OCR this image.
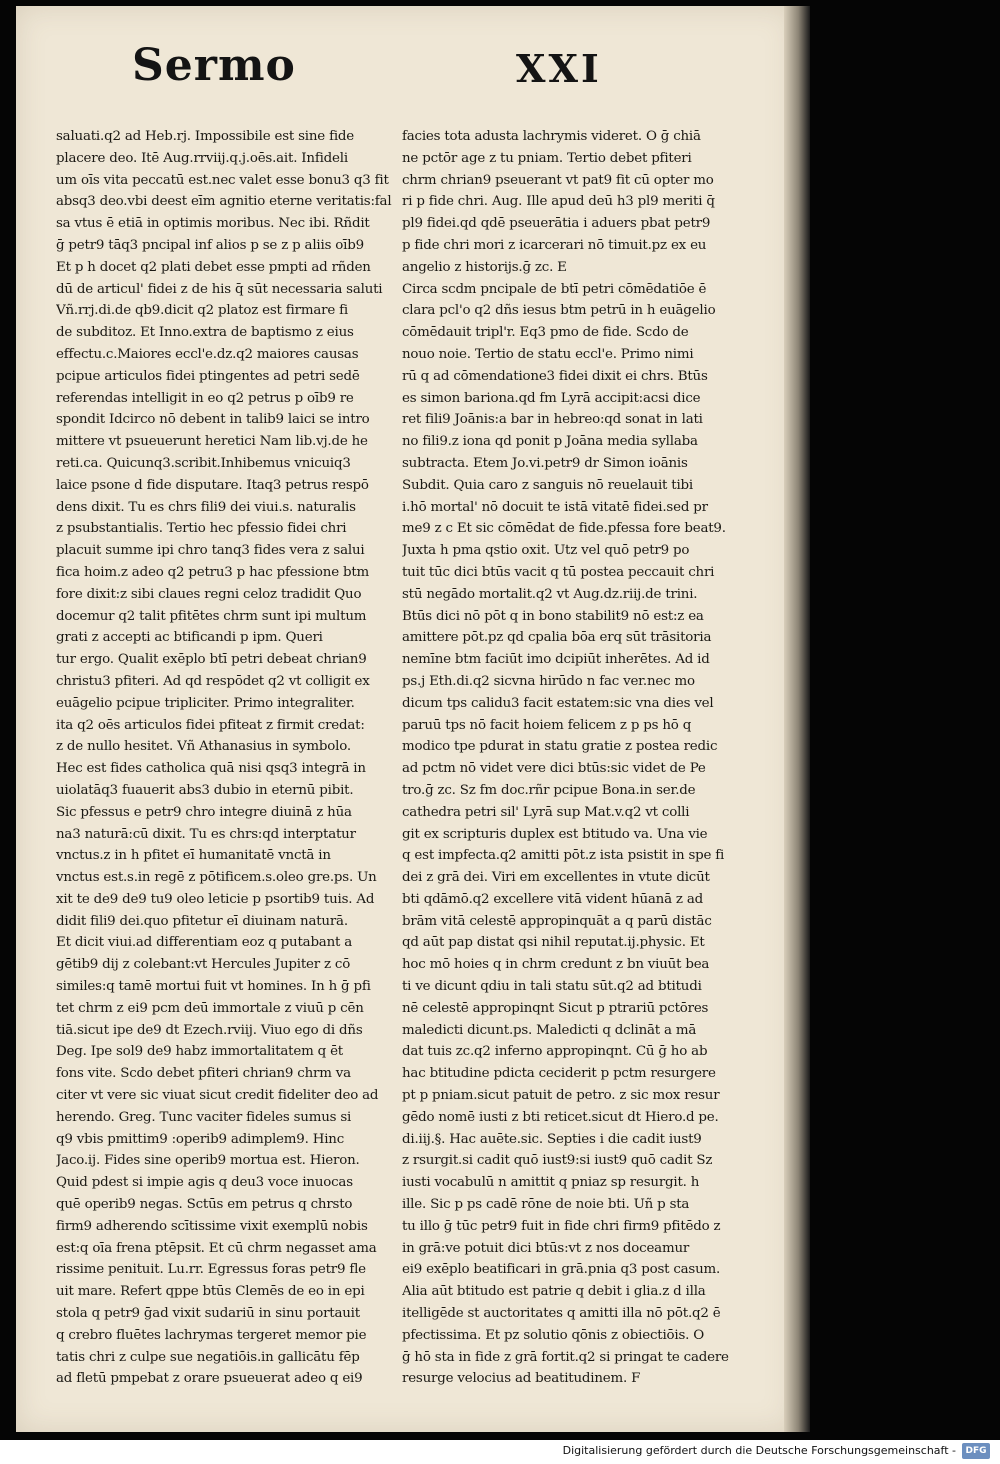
Sermo	XXI
saluati.q2 ad Heb.rj. Impossibile est sine fide
placere deo. Itē Aug.rrviij.q.j.oēs.ait. Infideli
um oīs vita peccatū est.nec valet esse bonu3 q3 fit
absq3 deo.vbi deest eīm agnitio eterne veritatis:fal
sa vtus ē etiā in optimis moribus. Nec ibi. Rñdit
ḡ petr9 tāq3 pncipal inf alios p se z p aliis oīb9
Et p h docet q2 plati debet esse pmpti ad rñden
dū de articul' fidei z de his q̄ sūt necessaria saluti
Vñ.rrj.di.de qb9.dicit q2 platoz est firmare fi
de subditoz. Et Inno.extra de baptismo z eius
effectu.c.Maiores eccl'e.dz.q2 maiores causas
pcipue articulos fidei ptingentes ad petri sedē
referendas intelligit in eo q2 petrus p oīb9 re
spondit Idcirco nō debent in talib9 laici se intro
mittere vt psueuerunt heretici Nam lib.vj.de he
reti.ca. Quicunq3.scribit.Inhibemus vnicuiq3
laice psone d fide disputare. Itaq3 petrus respō
dens dixit. Tu es chrs fili9 dei viui.s. naturalis
z psubstantialis. Tertio hec pfessio fidei chri
placuit summe ipi chro tanq3 fides vera z salui
fica hoim.z adeo q2 petru3 p hac pfessione btm
fore dixit:z sibi claues regni celoz tradidit Quo
docemur q2 talit pfitētes chrm sunt ipi multum
grati z accepti ac btificandi p ipm. Queri
tur ergo. Qualit exēplo btī petri debeat chrian9
christu3 pfiteri. Ad qd respōdet q2 vt colligit ex
euāgelio pcipue tripliciter. Primo integraliter.
ita q2 oēs articulos fidei pfiteat z firmit credat:
z de nullo hesitet. Vñ Athanasius in symbolo.
Hec est fides catholica quā nisi qsq3 integrā in
uiolatāq3 fuauerit abs3 dubio in eternū pibit.
Sic pfessus e petr9 chro integre diuinā z hūa
na3 naturā:cū dixit. Tu es chrs:qd interptatur
vnctus.z in h pfitet eī humanitatē vnctā in
vnctus est.s.in regē z pōtificem.s.oleo gre.ps. Un
xit te de9 de9 tu9 oleo leticie p psortib9 tuis. Ad
didit fili9 dei.quo pfitetur eī diuinam naturā.
Et dicit viui.ad differentiam eoz q putabant a
gētib9 dij z colebant:vt Hercules Jupiter z cō
similes:q tamē mortui fuit vt homines. In h ḡ pfi
tet chrm z ei9 pcm deū immortale z viuū p cēn
tiā.sicut ipe de9 dt Ezech.rviij. Viuo ego di dñs
Deg. Ipe sol9 de9 habz immortalitatem q ēt
fons vite. Scdo debet pfiteri chrian9 chrm va
citer vt vere sic viuat sicut credit fideliter deo ad
herendo. Greg. Tunc vaciter fideles sumus si
q9 vbis pmittim9 :operib9 adimplem9. Hinc
Jaco.ij. Fides sine operib9 mortua est. Hieron.
Quid pdest si impie agis q deu3 voce inuocas
quē operib9 negas. Sctūs em petrus q chrsto
firm9 adherendo scītissime vixit exemplū nobis
est:q oīa frena ptēpsit. Et cū chrm negasset ama
rissime penituit. Lu.rr. Egressus foras petr9 fle
uit mare. Refert qppe btūs Clemēs de eo in epi
stola q petr9 ḡad vixit sudariū in sinu portauit
q crebro fluētes lachrymas tergeret memor pie
tatis chri z culpe sue negatiōis.in gallicātu fēp
ad fletū pmpebat z orare psueuerat adeo q ei9
facies tota adusta lachrymis videret. O ḡ chiā
ne pctōr age z tu pniam. Tertio debet pfiteri
chrm chrian9 pseuerant vt pat9 fit cū opter mo
ri p fide chri. Aug. Ille apud deū h3 pl9 meriti q̄
pl9 fidei.qd qdē pseuerātia i aduers pbat petr9
p fide chri mori z icarcerari nō timuit.pz ex eu
angelio z historijs.ḡ zc. E
Circa scdm pncipale de btī petri cōmēdatiōe ē
clara pcl'o q2 dñs iesus btm petrū in h euāgelio
cōmēdauit tripl'r. Eq3 pmo de fide. Scdo de
nouo noie. Tertio de statu eccl'e. Primo nimi
rū q ad cōmendatione3 fidei dixit ei chrs. Btūs
es simon bariona.qd fm Lyrā accipit:acsi dice
ret fili9 Joānis:a bar in hebreo:qd sonat in lati
no fili9.z iona qd ponit p Joāna media syllaba
subtracta. Etem Jo.vi.petr9 dr Simon ioānis
Subdit. Quia caro z sanguis nō reuelauit tibi
i.hō mortal' nō docuit te istā vitatē fidei.sed pr
me9 z c Et sic cōmēdat de fide.pfessa fore beat9.
Juxta h pma qstio oxit. Utz vel quō petr9 po
tuit tūc dici btūs vacit q tū postea peccauit chri
stū negādo mortalit.q2 vt Aug.dz.riij.de trini.
Btūs dici nō pōt q in bono stabilit9 nō est:z ea
amittere pōt.pz qd cpalia bōa erq sūt trāsitoria
nemīne btm faciūt imo dcipiūt inherētes. Ad id
ps.j Eth.di.q2 sicvna hirūdo n fac ver.nec mo
dicum tps calidu3 facit estatem:sic vna dies vel
paruū tps nō facit hoiem felicem z p ps hō q
modico tpe pdurat in statu gratie z postea redic
ad pctm nō videt vere dici btūs:sic videt de Pe
tro.ḡ zc. Sz fm doc.rñr pcipue Bona.in ser.de
cathedra petri sil' Lyrā sup Mat.v.q2 vt colli
git ex scripturis duplex est btitudo va. Una vie
q est impfecta.q2 amitti pōt.z ista psistit in spe fi
dei z grā dei. Viri em excellentes in vtute dicūt
bti qdāmō.q2 excellere vitā vident hūanā z ad
brām vitā celestē appropinquāt a q parū distāc
qd aūt pap distat qsi nihil reputat.ij.physic. Et
hoc mō hoies q in chrm credunt z bn viuūt bea
ti ve dicunt qdiu in tali statu sūt.q2 ad btitudi
nē celestē appropinqnt Sicut p ptrariū pctōres
maledicti dicunt.ps. Maledicti q dclināt a mā
dat tuis zc.q2 inferno appropinqnt. Cū ḡ ho ab
hac btitudine pdicta ceciderit p pctm resurgere
pt p pniam.sicut patuit de petro. z sic mox resur
gēdo nomē iusti z bti reticet.sicut dt Hiero.d pe.
di.iij.§. Hac auēte.sic. Septies i die cadit iust9
z rsurgit.si cadit quō iust9:si iust9 quō cadit Sz
iusti vocabulū n amittit q pniaz sp resurgit. h
ille. Sic p ps cadē rōne de noie bti. Uñ p sta
tu illo ḡ tūc petr9 fuit in fide chri firm9 pfitēdo z
in grā:ve potuit dici btūs:vt z nos doceamur
ei9 exēplo beatificari in grā.pnia q3 post casum.
Alia aūt btitudo est patrie q debit i glia.z d illa
itelligēde st auctoritates q amitti illa nō pōt.q2 ē
pfectissima. Et pz solutio qōnis z obiectiōis. O
ḡ hō sta in fide z grā fortit.q2 si pringat te cadere
resurge velocius ad beatitudinem. F
Digitalisierung gefördert durch die Deutsche Forschungsgemeinschaft -	DFG
